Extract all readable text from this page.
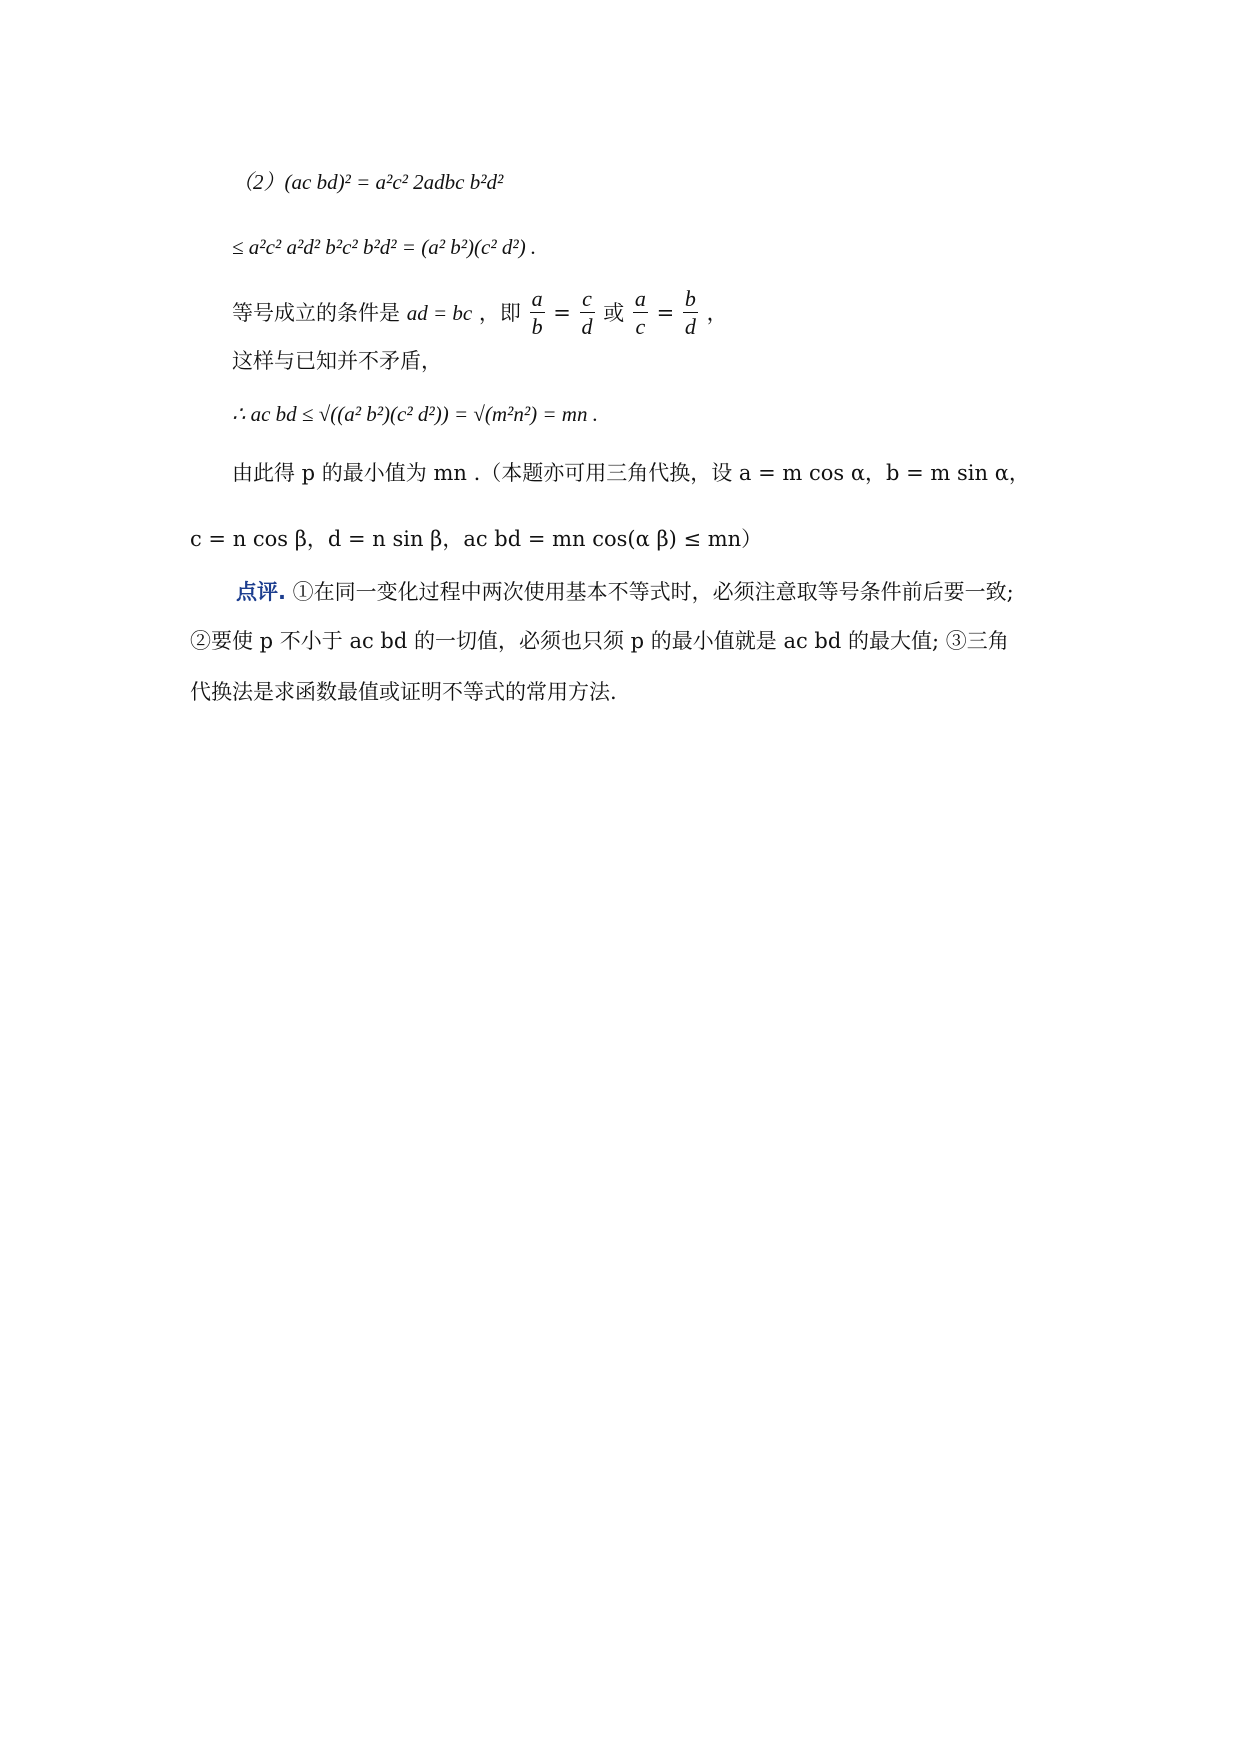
（2）(ac bd)² = a²c² 2adbc b²d²
≤ a²c² a²d² b²c² b²d² = (a² b²)(c² d²) .
等号成立的条件是 ad = bc ，即 $\frac{a}{b} = \frac{c}{d}$ 或 $\frac{a}{c} = \frac{b}{d}$ ，
这样与已知并不矛盾，
∴ ac bd ≤ √((a² b²)(c² d²)) = √(m²n²) = mn .
由此得 p 的最小值为 mn .（本题亦可用三角代换，设 a = m cos α，b = m sin α，
c = n cos β，d = n sin β，ac bd = mn cos(α β) ≤ mn）
点评. ①在同一变化过程中两次使用基本不等式时，必须注意取等号条件前后要一致;
②要使 p 不小于 ac bd 的一切值，必须也只须 p 的最小值就是 ac bd 的最大值; ③三角
代换法是求函数最值或证明不等式的常用方法.
